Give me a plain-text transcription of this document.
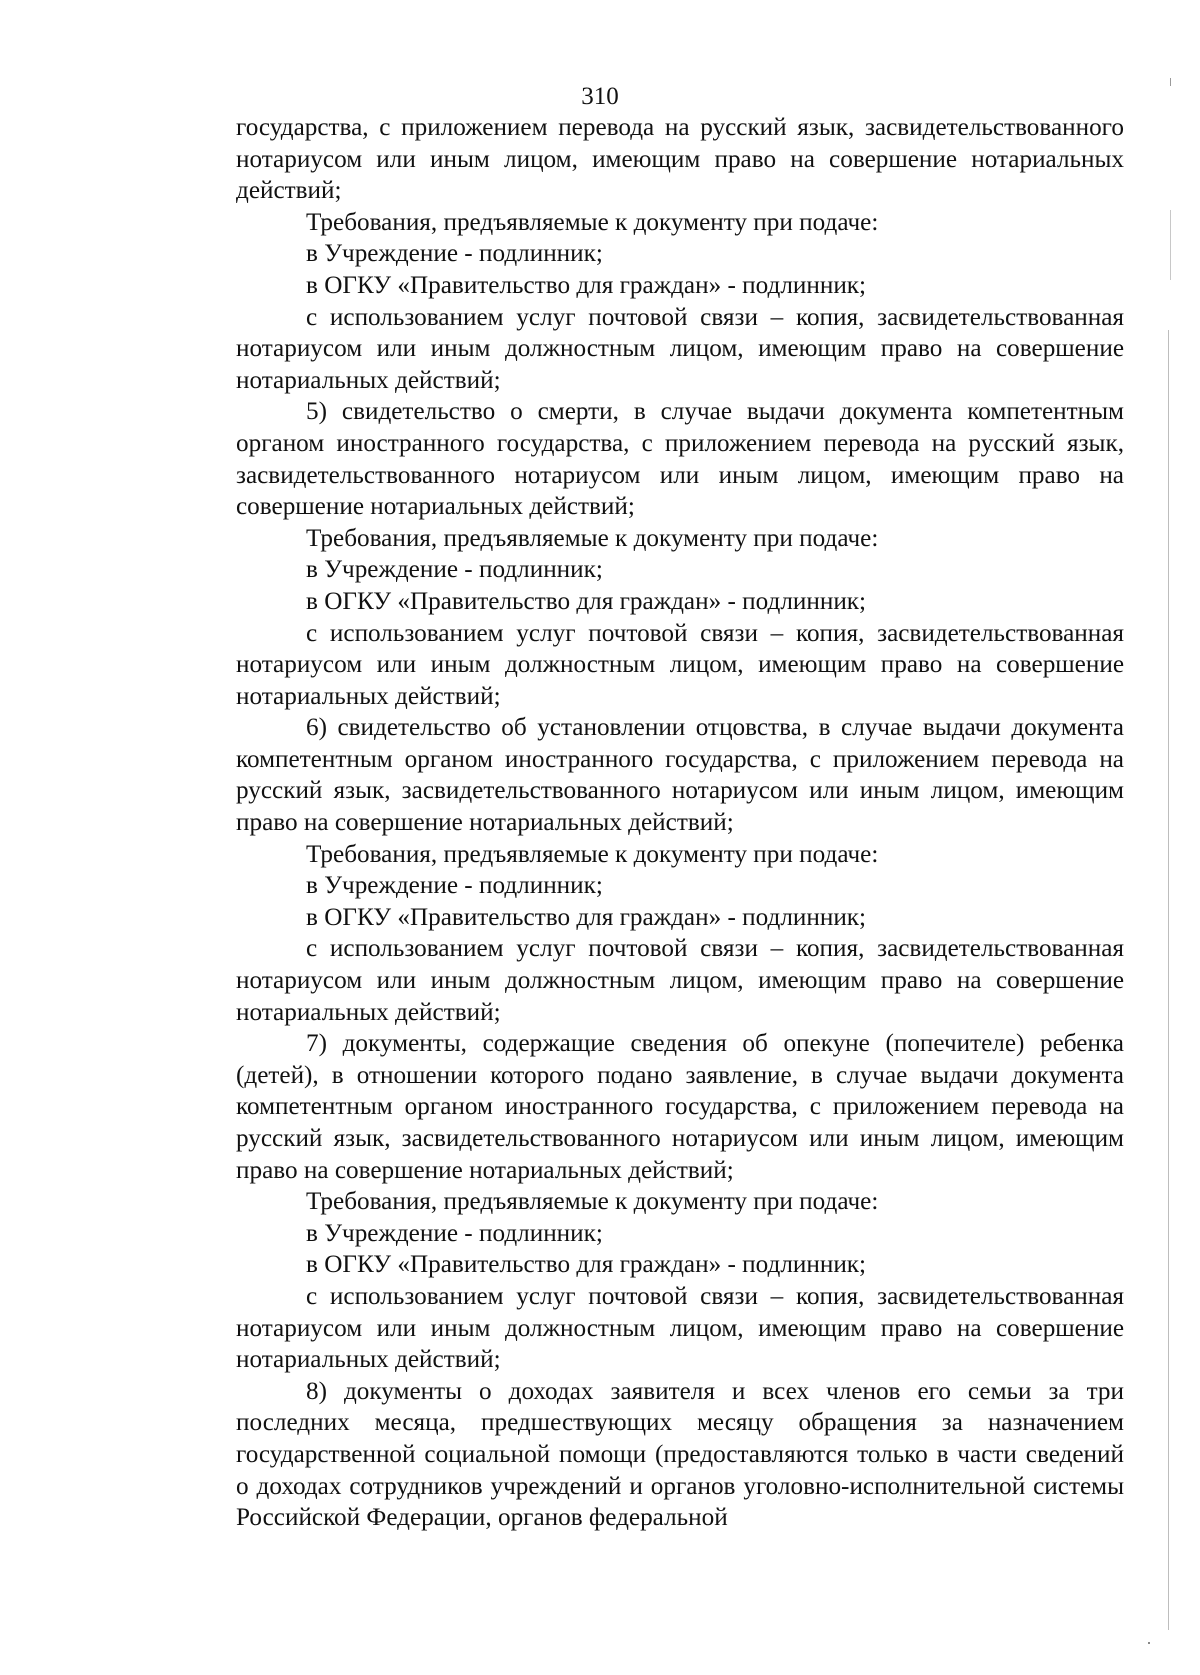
310

государства, с приложением перевода на русский язык, засвидетельствованного нотариусом или иным лицом, имеющим право на совершение нотариальных действий;

Требования, предъявляемые к документу при подаче:

в Учреждение - подлинник;

в ОГКУ «Правительство для граждан» - подлинник;

с использованием услуг почтовой связи – копия, засвидетельствованная нотариусом или иным должностным лицом, имеющим право на совершение нотариальных действий;

5) свидетельство о смерти, в случае выдачи документа компетентным органом иностранного государства, с приложением перевода на русский язык, засвидетельствованного нотариусом или иным лицом, имеющим право на совершение нотариальных действий;

Требования, предъявляемые к документу при подаче:

в Учреждение - подлинник;

в ОГКУ «Правительство для граждан» - подлинник;

с использованием услуг почтовой связи – копия, засвидетельствованная нотариусом или иным должностным лицом, имеющим право на совершение нотариальных действий;

6) свидетельство об установлении отцовства, в случае выдачи документа компетентным органом иностранного государства, с приложением перевода на русский язык, засвидетельствованного нотариусом или иным лицом, имеющим право на совершение нотариальных действий;

Требования, предъявляемые к документу при подаче:

в Учреждение - подлинник;

в ОГКУ «Правительство для граждан» - подлинник;

с использованием услуг почтовой связи – копия, засвидетельствованная нотариусом или иным должностным лицом, имеющим право на совершение нотариальных действий;

7) документы, содержащие сведения об опекуне (попечителе) ребенка (детей), в отношении которого подано заявление, в случае выдачи документа компетентным органом иностранного государства, с приложением перевода на русский язык, засвидетельствованного нотариусом или иным лицом, имеющим право на совершение нотариальных действий;

Требования, предъявляемые к документу при подаче:

в Учреждение - подлинник;

в ОГКУ «Правительство для граждан» - подлинник;

с использованием услуг почтовой связи – копия, засвидетельствованная нотариусом или иным должностным лицом, имеющим право на совершение нотариальных действий;

8) документы о доходах заявителя и всех членов его семьи за три последних месяца, предшествующих месяцу обращения за назначением государственной социальной помощи (предоставляются только в части сведений о доходах сотрудников учреждений и органов уголовно-исполнительной системы Российской Федерации, органов федеральной
